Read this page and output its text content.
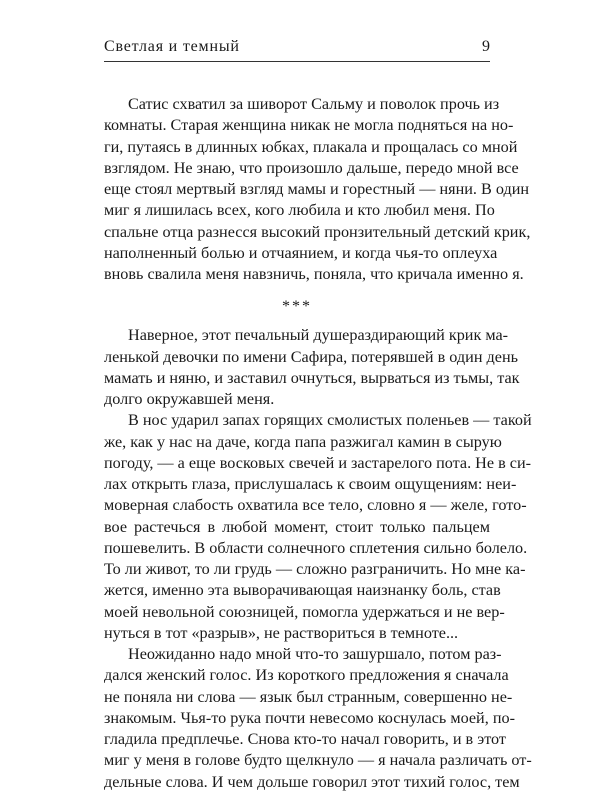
Светлая и темный	9
Сатис схватил за шиворот Сальму и поволок прочь из
комнаты. Старая женщина никак не могла подняться на но-
ги, путаясь в длинных юбках, плакала и прощалась со мной
взглядом. Не знаю, что произошло дальше, передо мной все
еще стоял мертвый взгляд мамы и горестный — няни. В один
миг я лишилась всех, кого любила и кто любил меня. По
спальне отца разнесся высокий пронзительный детский крик,
наполненный болью и отчаянием, и когда чья-то оплеуха
вновь свалила меня навзничь, поняла, что кричала именно я.
***
Наверное, этот печальный душераздирающий крик ма-
ленькой девочки по имени Сафира, потерявшей в один день
мамать и няню, и заставил очнуться, вырваться из тьмы, так
долго окружавшей меня.
В нос ударил запах горящих смолистых поленьев — такой
же, как у нас на даче, когда папа разжигал камин в сырую
погоду, — а еще восковых свечей и застарелого пота. Не в си-
лах открыть глаза, прислушалась к своим ощущениям: неи-
моверная слабость охватила все тело, словно я — желе, гото-
вое растечься в любой момент, стоит только пальцем
пошевелить. В области солнечного сплетения сильно болело.
То ли живот, то ли грудь — сложно разграничить. Но мне ка-
жется, именно эта выворачивающая наизнанку боль, став
моей невольной союзницей, помогла удержаться и не вер-
нуться в тот «разрыв», не раствориться в темноте...
Неожиданно надо мной что-то зашуршало, потом раз-
дался женский голос. Из короткого предложения я сначала
не поняла ни слова — язык был странным, совершенно не-
знакомым. Чья-то рука почти невесомо коснулась моей, по-
гладила предплечье. Снова кто-то начал говорить, и в этот
миг у меня в голове будто щелкнуло — я начала различать от-
дельные слова. И чем дольше говорил этот тихий голос, тем
